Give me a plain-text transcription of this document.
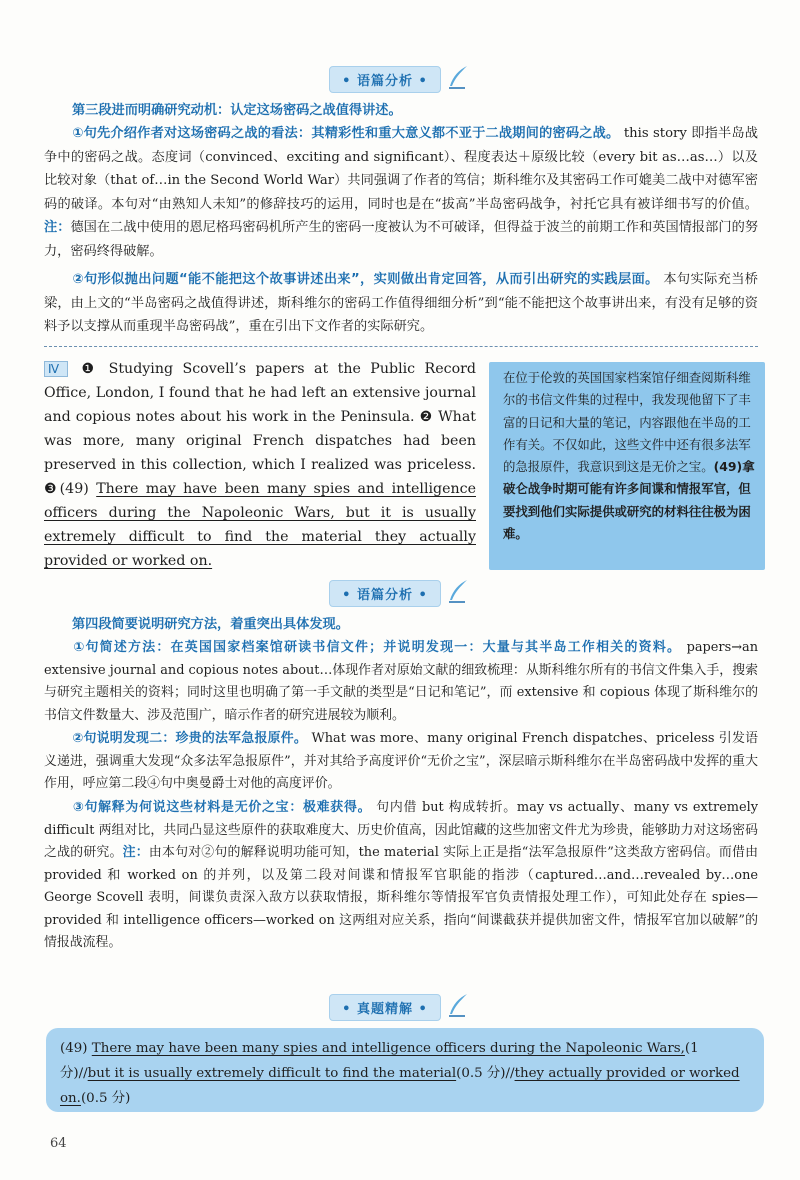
• 语篇分析 •
第三段进而明确研究动机：认定这场密码之战值得讲述。
①句先介绍作者对这场密码之战的看法：其精彩性和重大意义都不亚于二战期间的密码之战。 this story 即指半岛战争中的密码之战。态度词（convinced、exciting and significant）、程度表达＋原级比较（every bit as…as…）以及比较对象（that of…in the Second World War）共同强调了作者的笃信；斯科维尔及其密码工作可媲美二战中对德军密码的破译。本句对“由熟知人未知”的修辞技巧的运用，同时也是在“拔高”半岛密码战争，衬托它具有被详细书写的价值。注：德国在二战中使用的恩尼格玛密码机所产生的密码一度被认为不可破译，但得益于波兰的前期工作和英国情报部门的努力，密码终得破解。
②句形似抛出问题“能不能把这个故事讲述出来”，实则做出肯定回答，从而引出研究的实践层面。 本句实际充当桥梁，由上文的“半岛密码之战值得讲述，斯科维尔的密码工作值得细细分析”到“能不能把这个故事讲出来，有没有足够的资料予以支撑从而重现半岛密码战”，重在引出下文作者的实际研究。
Ⅳ ❶ Studying Scovell’s papers at the Public Record Office, London, I found that he had left an extensive journal and copious notes about his work in the Peninsula. ❷ What was more, many original French dispatches had been preserved in this collection, which I realized was priceless. ❸(49) There may have been many spies and intelligence officers during the Napoleonic Wars, but it is usually extremely difficult to find the material they actually provided or worked on.
在位于伦敦的英国国家档案馆仔细查阅斯科维尔的书信文件集的过程中，我发现他留下了丰富的日记和大量的笔记，内容跟他在半岛的工作有关。不仅如此，这些文件中还有很多法军的急报原件，我意识到这是无价之宝。(49)拿破仑战争时期可能有许多间谍和情报军官，但要找到他们实际提供或研究的材料往往极为困难。
• 语篇分析 •
第四段简要说明研究方法，着重突出具体发现。
①句简述方法：在英国国家档案馆研读书信文件；并说明发现一：大量与其半岛工作相关的资料。 papers→an extensive journal and copious notes about…体现作者对原始文献的细致梳理：从斯科维尔所有的书信文件集入手，搜索与研究主题相关的资料；同时这里也明确了第一手文献的类型是“日记和笔记”，而 extensive 和 copious 体现了斯科维尔的书信文件数量大、涉及范围广，暗示作者的研究进展较为顺利。
②句说明发现二：珍贵的法军急报原件。 What was more、many original French dispatches、priceless 引发语义递进，强调重大发现“众多法军急报原件”，并对其给予高度评价“无价之宝”，深层暗示斯科维尔在半岛密码战中发挥的重大作用，呼应第二段④句中奥曼爵士对他的高度评价。
③句解释为何说这些材料是无价之宝：极难获得。 句内借 but 构成转折。may vs actually、many vs extremely difficult 两组对比，共同凸显这些原件的获取难度大、历史价值高，因此馆藏的这些加密文件尤为珍贵，能够助力对这场密码之战的研究。注：由本句对②句的解释说明功能可知，the material 实际上正是指“法军急报原件”这类敌方密码信。而借由 provided 和 worked on 的并列，以及第二段对间谍和情报军官职能的指涉（captured…and…revealed by…one George Scovell 表明，间谍负责深入敌方以获取情报，斯科维尔等情报军官负责情报处理工作），可知此处存在 spies—provided 和 intelligence officers—worked on 这两组对应关系，指向“间谍截获并提供加密文件，情报军官加以破解”的情报战流程。
• 真题精解 •
(49) There may have been many spies and intelligence officers during the Napoleonic Wars,(1 分)//but it is usually extremely difficult to find the material(0.5 分)//they actually provided or worked on.(0.5 分)
64
